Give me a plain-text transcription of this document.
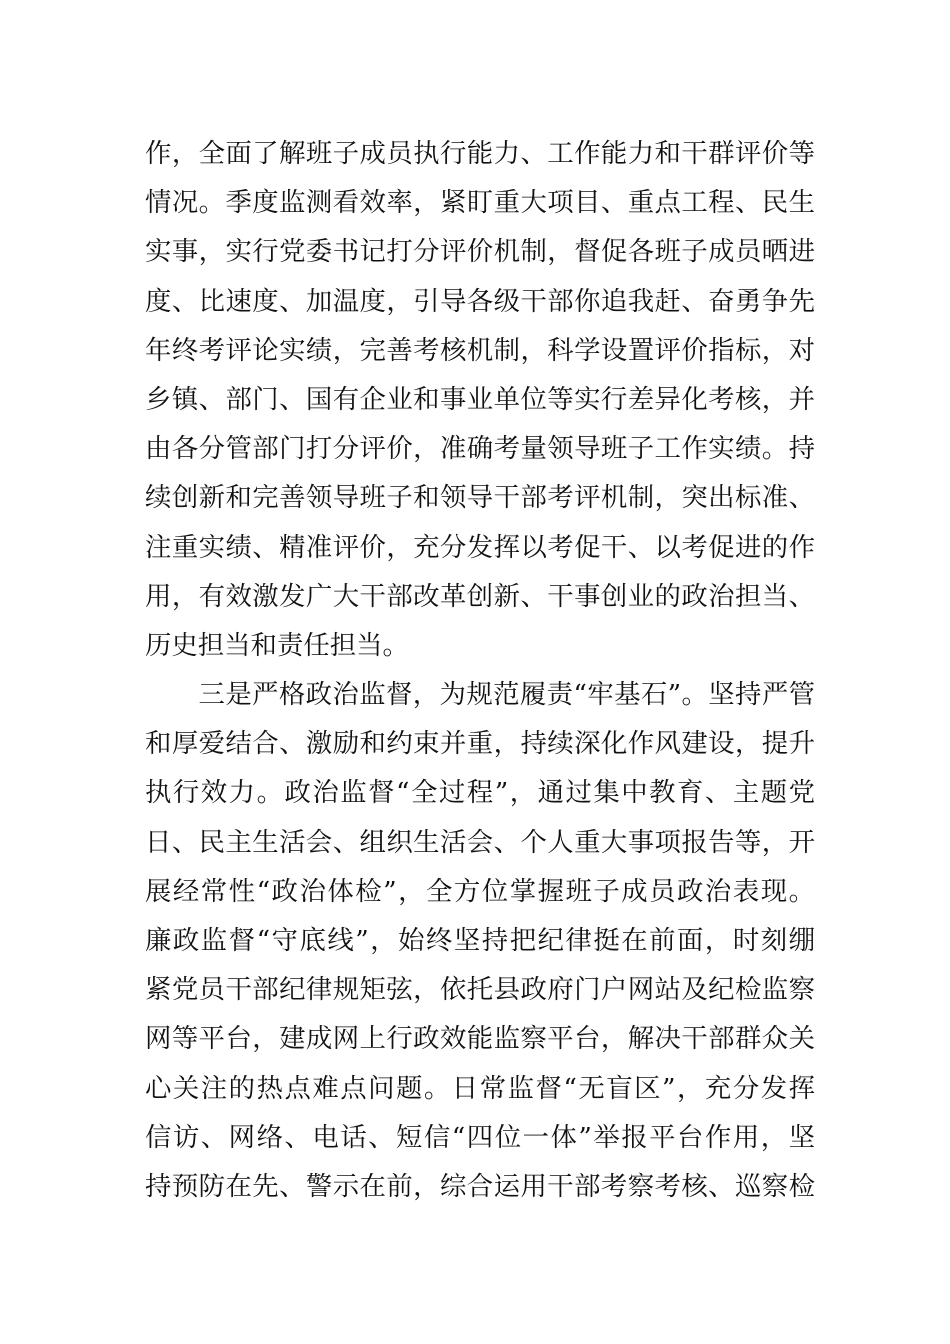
作，全面了解班子成员执行能力、工作能力和干群评价等
情况。季度监测看效率，紧盯重大项目、重点工程、民生
实事，实行党委书记打分评价机制，督促各班子成员晒进
度、比速度、加温度，引导各级干部你追我赶、奋勇争先
年终考评论实绩，完善考核机制，科学设置评价指标，对
乡镇、部门、国有企业和事业单位等实行差异化考核，并
由各分管部门打分评价，准确考量领导班子工作实绩。持
续创新和完善领导班子和领导干部考评机制，突出标准、
注重实绩、精准评价，充分发挥以考促干、以考促进的作
用，有效激发广大干部改革创新、干事创业的政治担当、
历史担当和责任担当。
　　三是严格政治监督，为规范履责“牢基石”。坚持严管
和厚爱结合、激励和约束并重，持续深化作风建设，提升
执行效力。政治监督“全过程”，通过集中教育、主题党
日、民主生活会、组织生活会、个人重大事项报告等，开
展经常性“政治体检”，全方位掌握班子成员政治表现。
廉政监督“守底线”，始终坚持把纪律挺在前面，时刻绷
紧党员干部纪律规矩弦，依托县政府门户网站及纪检监察
网等平台，建成网上行政效能监察平台，解决干部群众关
心关注的热点难点问题。日常监督“无盲区”，充分发挥
信访、网络、电话、短信“四位一体”举报平台作用，坚
持预防在先、警示在前，综合运用干部考察考核、巡察检
